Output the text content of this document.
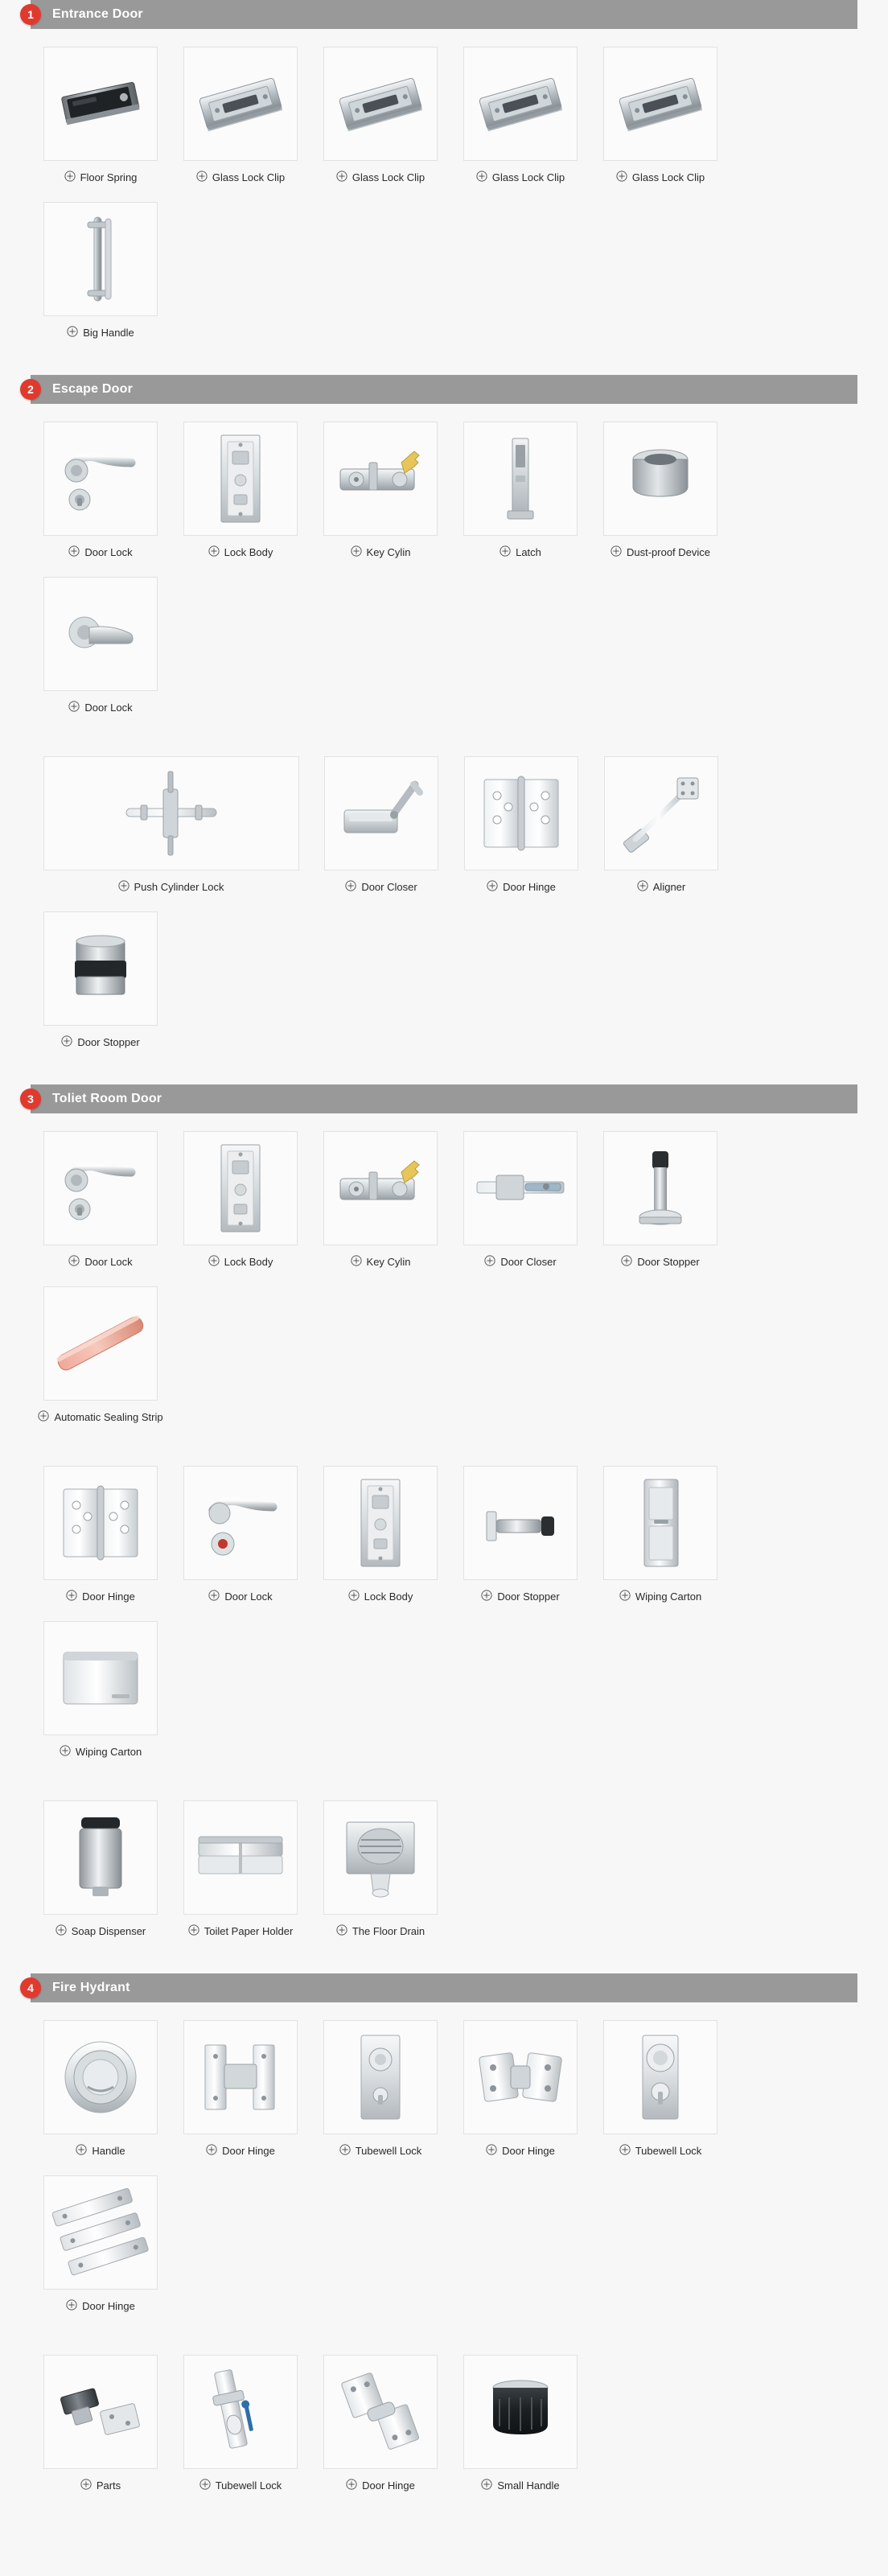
1	Entrance Door
Floor Spring	Glass Lock Clip	Glass Lock Clip	Glass Lock Clip	Glass Lock Clip
Big Handle
2	Escape Door
Door Lock	Lock Body	Key Cylin	Latch	Dust-proof Device
Door Lock
Push Cylinder Lock	Door Closer	Door Hinge	Aligner
Door Stopper
3	Toliet Room Door
Door Lock	Lock Body	Key Cylin	Door Closer	Door Stopper
Automatic Sealing Strip
Door Hinge	Door Lock	Lock Body	Door Stopper	Wiping Carton
Wiping Carton
Soap Dispenser	Toilet Paper Holder	The Floor Drain
4	Fire Hydrant
Handle	Door Hinge	Tubewell Lock	Door Hinge	Tubewell Lock
Door Hinge
Parts	Tubewell Lock	Door Hinge	Small Handle
